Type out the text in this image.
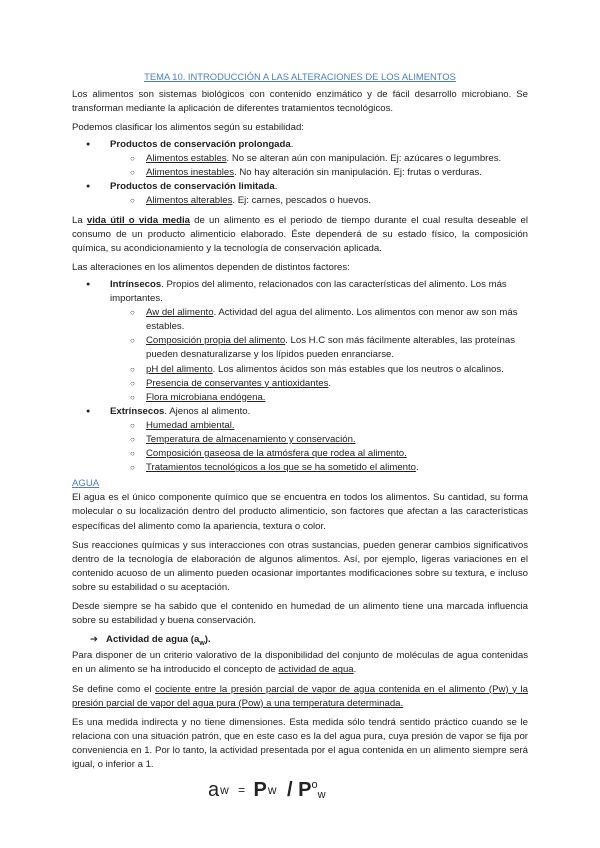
TEMA 10. INTRODUCCIÓN A LAS ALTERACIONES DE LOS ALIMENTOS

Los alimentos son sistemas biológicos con contenido enzimático y de fácil desarrollo microbiano. Se transforman mediante la aplicación de diferentes tratamientos tecnológicos.

Podemos clasificar los alimentos según su estabilidad:

● Productos de conservación prolongada.
○ Alimentos estables. No se alteran aún con manipulación. Ej: azúcares o legumbres.
○ Alimentos inestables. No hay alteración sin manipulación. Ej: frutas o verduras.
● Productos de conservación limitada.
○ Alimentos alterables. Ej: carnes, pescados o huevos.

La vida útil o vida media de un alimento es el periodo de tiempo durante el cual resulta deseable el consumo de un producto alimenticio elaborado. Éste dependerá de su estado físico, la composición química, su acondicionamiento y la tecnología de conservación aplicada.

Las alteraciones en los alimentos dependen de distintos factores:

● Intrínsecos. Propios del alimento, relacionados con las características del alimento. Los más importantes.
○ Aw del alimento. Actividad del agua del alimento. Los alimentos con menor aw son más estables.
○ Composición propia del alimento. Los H.C son más fácilmente alterables, las proteínas pueden desnaturalizarse y los lípidos pueden enranciarse.
○ pH del alimento. Los alimentos ácidos son más estables que los neutros o alcalinos.
○ Presencia de conservantes y antioxidantes.
○ Flora microbiana endógena.
● Extrínsecos. Ajenos al alimento.
○ Humedad ambiental.
○ Temperatura de almacenamiento y conservación.
○ Composición gaseosa de la atmósfera que rodea al alimento.
○ Tratamientos tecnológicos a los que se ha sometido el alimento.
AGUA

El agua es el único componente químico que se encuentra en todos los alimentos. Su cantidad, su forma molecular o su localización dentro del producto alimenticio, son factores que afectan a las características específicas del alimento como la apariencia, textura o color.

Sus reacciones químicas y sus interacciones con otras sustancias, pueden generar cambios significativos dentro de la tecnología de elaboración de algunos alimentos. Así, por ejemplo, ligeras variaciones en el contenido acuoso de un alimento pueden ocasionar importantes modificaciones sobre su textura, e incluso sobre su estabilidad o su aceptación.

Desde siempre se ha sabido que el contenido en humedad de un alimento tiene una marcada influencia sobre su estabilidad y buena conservación.

➔ Actividad de agua $(a_w)$.

Para disponer de un criterio valorativo de la disponibilidad del conjunto de moléculas de agua contenidas en un alimento se ha introducido el concepto de actividad de agua.

Se define como el cociente entre la presión parcial de vapor de agua contenida en el alimento (Pw) y la presión parcial de vapor del agua pura (Pow) a una temperatura determinada.

Es una medida indirecta y no tiene dimensiones. Esta medida sólo tendrá sentido práctico cuando se le relaciona con una situación patrón, que en este caso es la del agua pura, cuya presión de vapor se fija por conveniencia en 1. Por lo tanto, la actividad presentada por el agua contenida en un alimento siempre será igual, o inferior a 1.

aw = Pw / $P^o_w$
